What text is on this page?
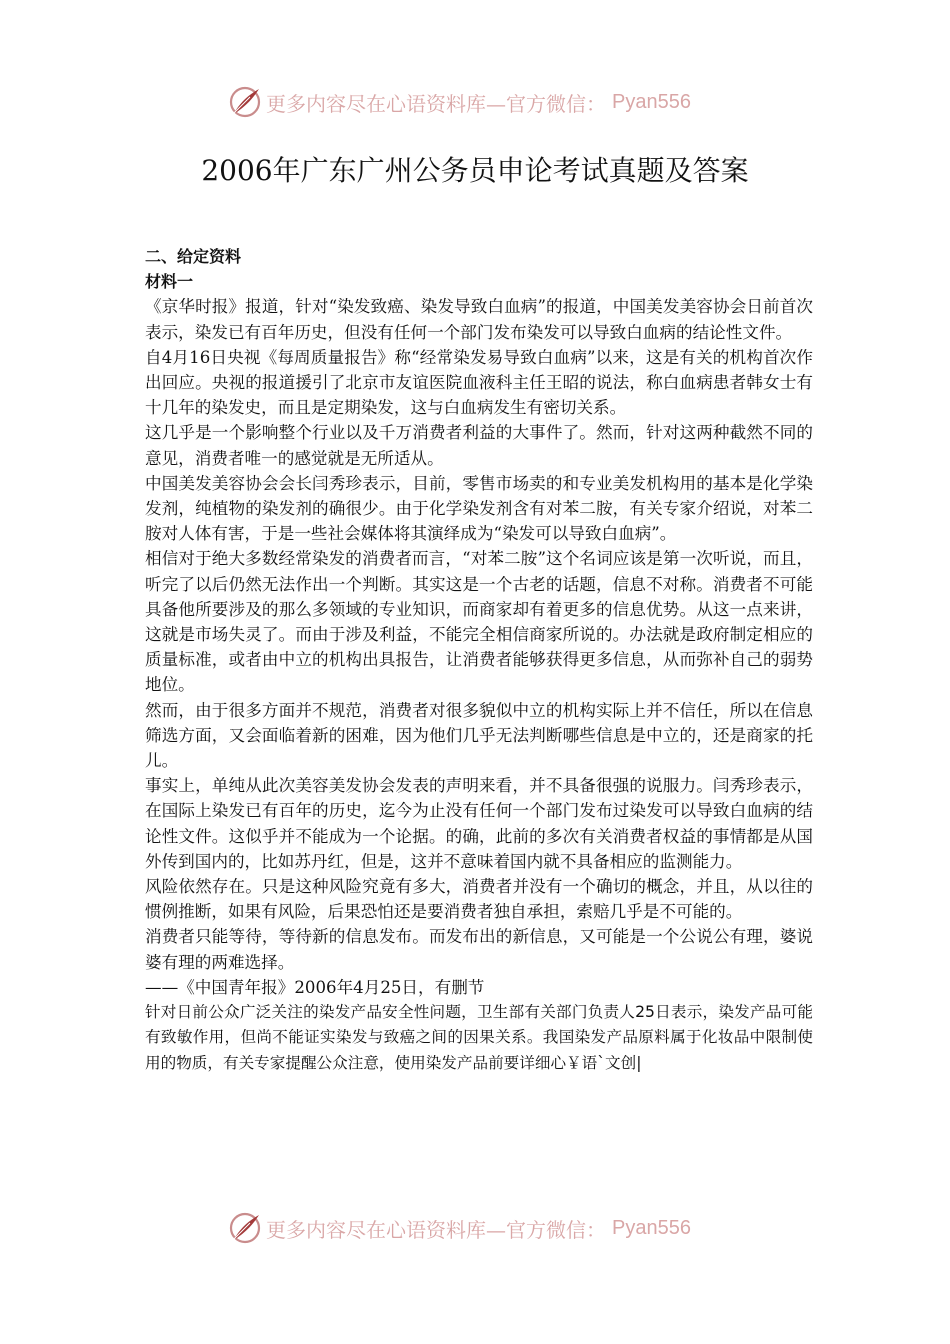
更多内容尽在心语资料库—官方微信： Pyan556
2006年广东广州公务员申论考试真题及答案

二、给定资料

材料一

《京华时报》报道，针对“染发致癌、染发导致白血病”的报道，中国美发美容协会日前首次表示，染发已有百年历史，但没有任何一个部门发布染发可以导致白血病的结论性文件。

自4月16日央视《每周质量报告》称“经常染发易导致白血病”以来，这是有关的机构首次作出回应。央视的报道援引了北京市友谊医院血液科主任王昭的说法，称白血病患者韩女士有十几年的染发史，而且是定期染发，这与白血病发生有密切关系。

这几乎是一个影响整个行业以及千万消费者利益的大事件了。然而，针对这两种截然不同的意见，消费者唯一的感觉就是无所适从。

中国美发美容协会会长闫秀珍表示，目前，零售市场卖的和专业美发机构用的基本是化学染发剂，纯植物的染发剂的确很少。由于化学染发剂含有对苯二胺，有关专家介绍说，对苯二胺对人体有害，于是一些社会媒体将其演绎成为“染发可以导致白血病”。

相信对于绝大多数经常染发的消费者而言，“对苯二胺”这个名词应该是第一次听说，而且，听完了以后仍然无法作出一个判断。其实这是一个古老的话题，信息不对称。消费者不可能具备他所要涉及的那么多领域的专业知识，而商家却有着更多的信息优势。从这一点来讲，这就是市场失灵了。而由于涉及利益，不能完全相信商家所说的。办法就是政府制定相应的质量标准，或者由中立的机构出具报告，让消费者能够获得更多信息，从而弥补自己的弱势地位。

然而，由于很多方面并不规范，消费者对很多貌似中立的机构实际上并不信任，所以在信息筛选方面，又会面临着新的困难，因为他们几乎无法判断哪些信息是中立的，还是商家的托儿。

事实上，单纯从此次美容美发协会发表的声明来看，并不具备很强的说服力。闫秀珍表示，在国际上染发已有百年的历史，迄今为止没有任何一个部门发布过染发可以导致白血病的结论性文件。这似乎并不能成为一个论据。的确，此前的多次有关消费者权益的事情都是从国外传到国内的，比如苏丹红，但是，这并不意味着国内就不具备相应的监测能力。

风险依然存在。只是这种风险究竟有多大，消费者并没有一个确切的概念，并且，从以往的惯例推断，如果有风险，后果恐怕还是要消费者独自承担，索赔几乎是不可能的。

消费者只能等待，等待新的信息发布。而发布出的新信息，又可能是一个公说公有理，婆说婆有理的两难选择。

——《中国青年报》2006年4月25日，有删节

针对日前公众广泛关注的染发产品安全性问题，卫生部有关部门负责人25日表示，染发产品可能有致敏作用，但尚不能证实染发与致癌之间的因果关系。我国染发产品原料属于化妆品中限制使用的物质，有关专家提醒公众注意，使用染发产品前要详细心￥语`文创|

更多内容尽在心语资料库—官方微信： Pyan556
